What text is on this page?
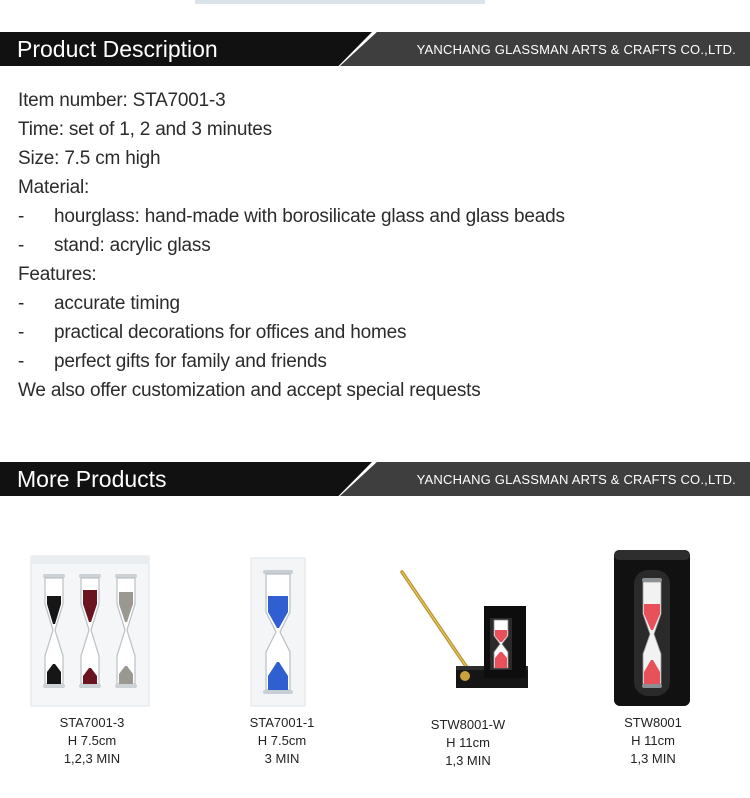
Product Description	YANCHANG GLASSMAN ARTS & CRAFTS CO.,LTD.
Item number: STA7001-3
Time: set of 1, 2 and 3 minutes
Size: 7.5 cm high
Material:
- hourglass: hand-made with borosilicate glass and glass beads
- stand: acrylic glass
Features:
- accurate timing
- practical decorations for offices and homes
- perfect gifts for family and friends
We also offer customization and accept special requests
More Products	YANCHANG GLASSMAN ARTS & CRAFTS CO.,LTD.
STA7001-3
H 7.5cm
1,2,3 MIN
STA7001-1
H 7.5cm
3 MIN
STW8001-W
H 11cm
1,3 MIN
STW8001
H 11cm
1,3 MIN
